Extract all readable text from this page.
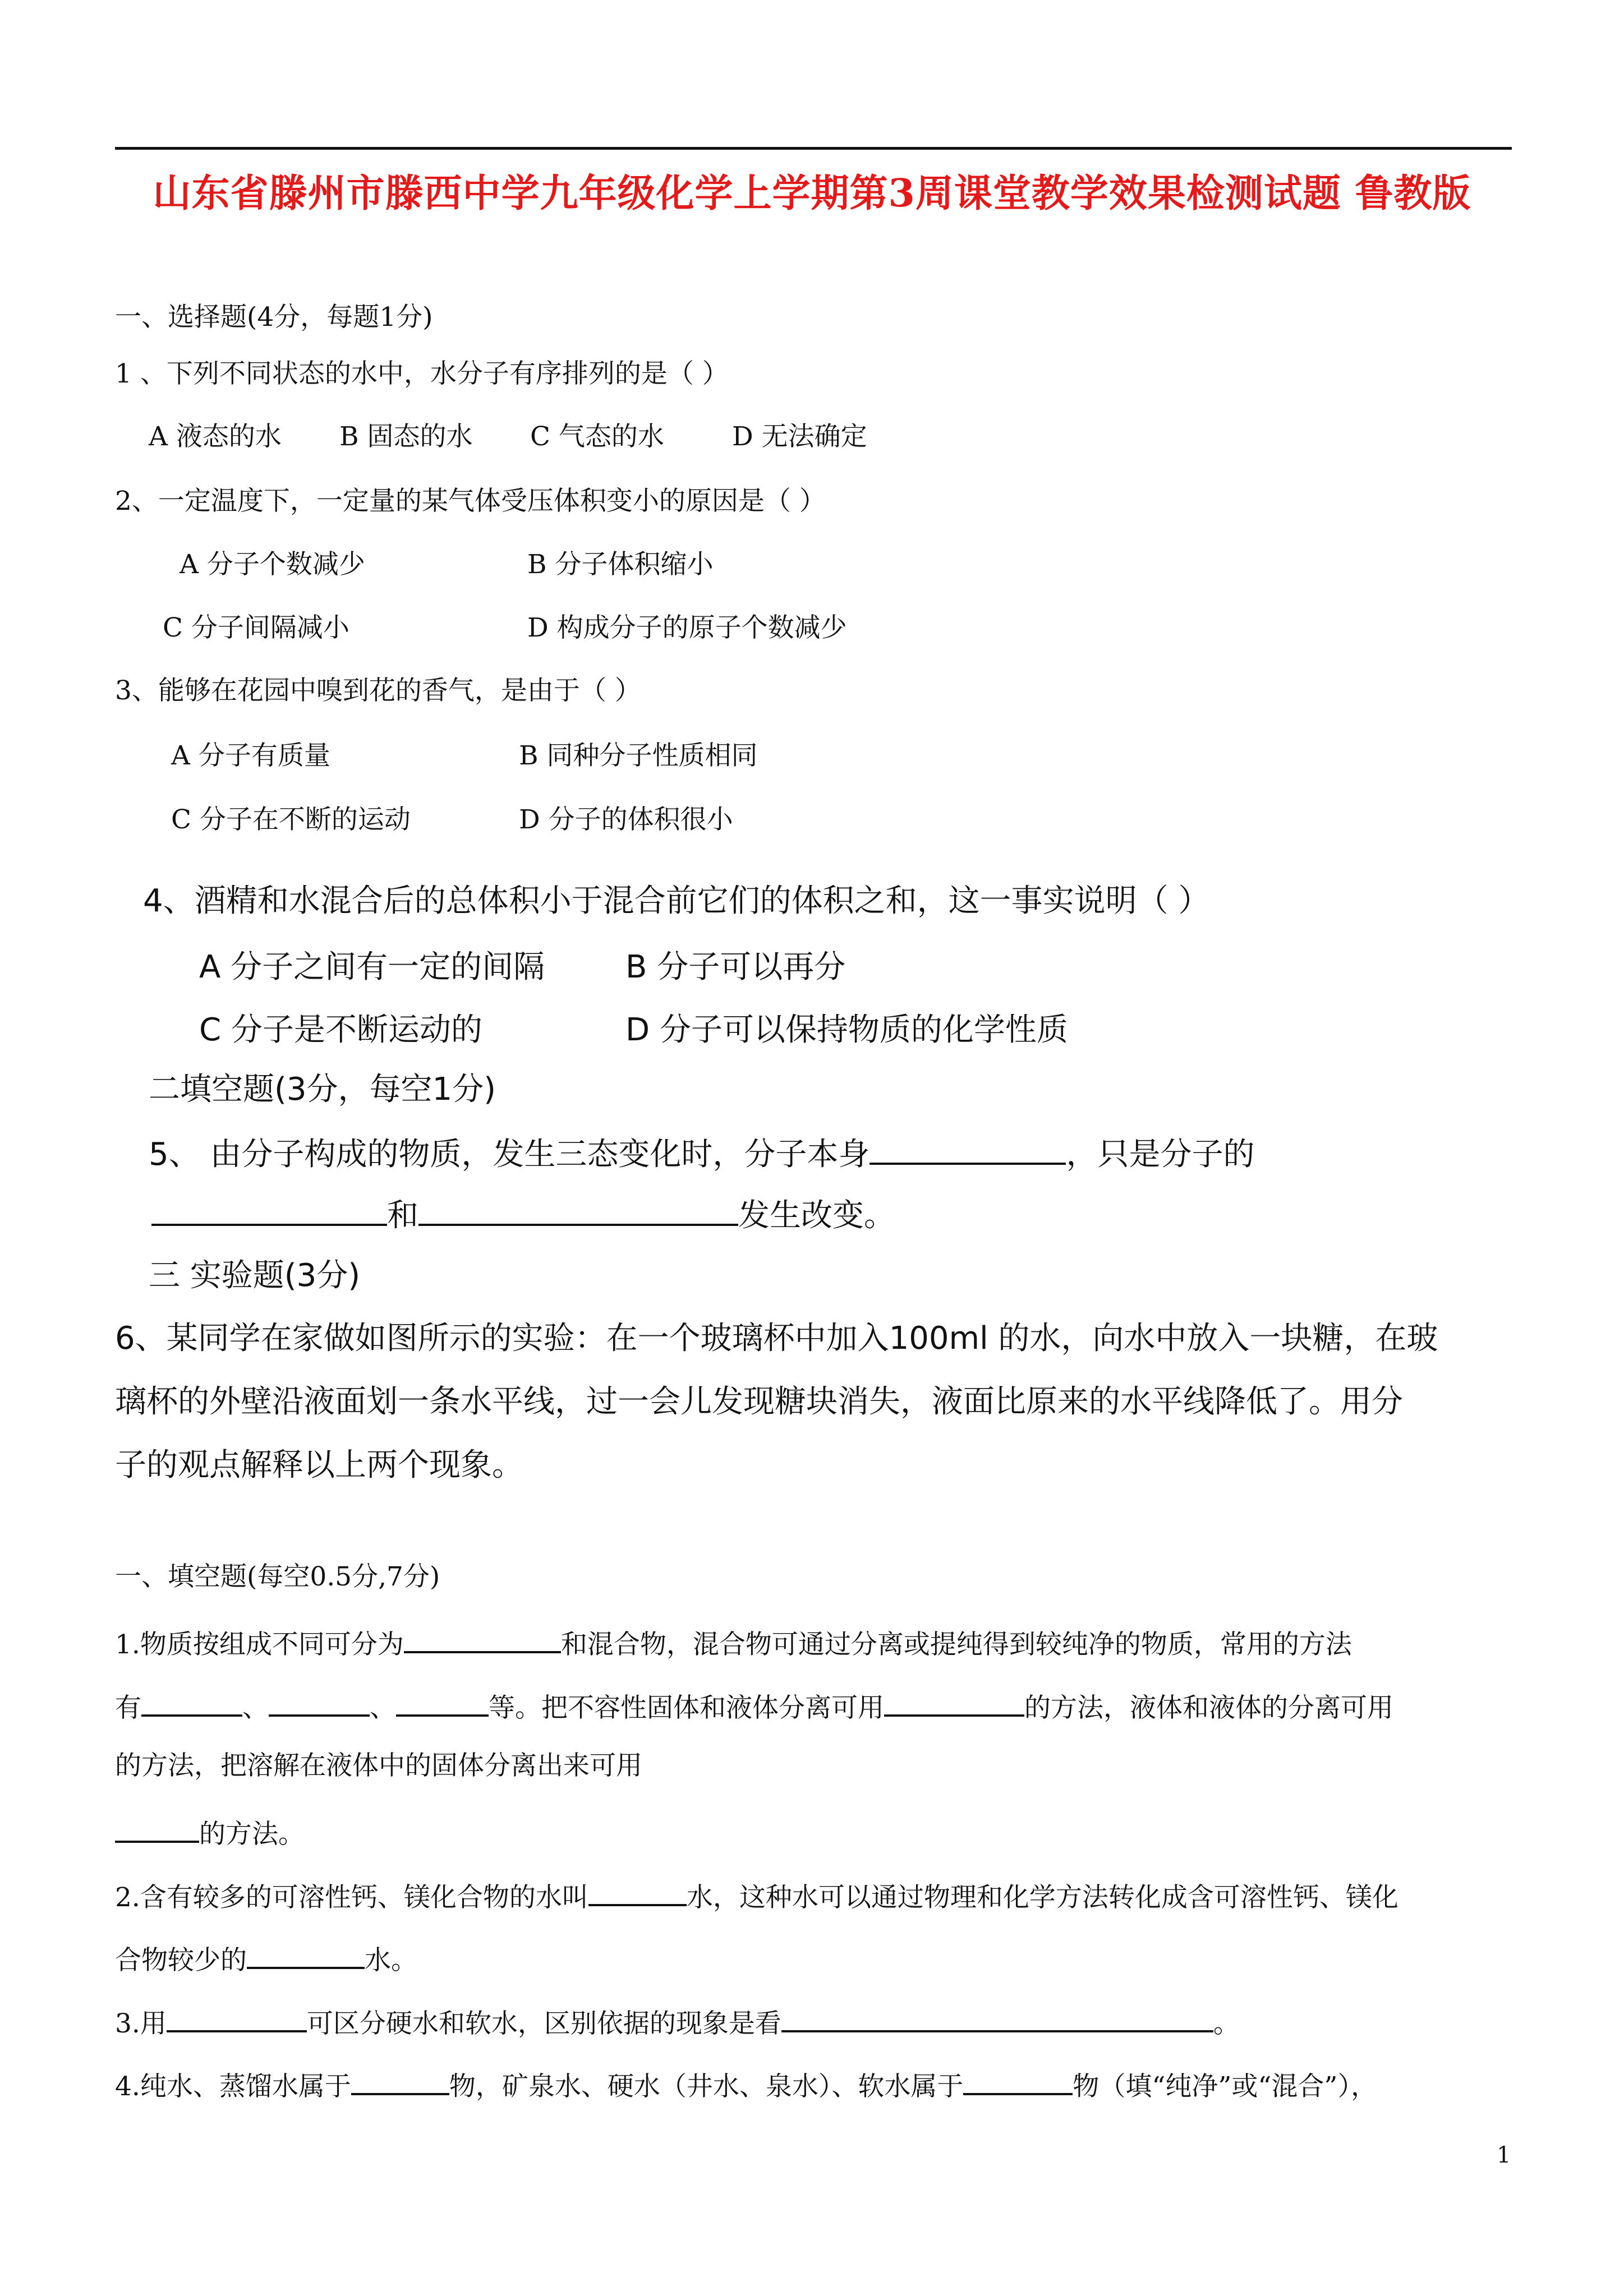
山东省滕州市滕西中学九年级化学上学期第3周课堂教学效果检测试题 鲁教版
一、选择题(4分，每题1分)
1 、下列不同状态的水中，水分子有序排列的是（ ）
A 液态的水 B 固态的水 C 气态的水	D 无法确定
2、一定温度下，一定量的某气体受压体积变小的原因是（ ）
A 分子个数减少	B 分子体积缩小
C 分子间隔减小	D 构成分子的原子个数减少
3、能够在花园中嗅到花的香气，是由于（ ）
A 分子有质量	B 同种分子性质相同
C 分子在不断的运动	D 分子的体积很小
4、酒精和水混合后的总体积小于混合前它们的体积之和，这一事实说明（ ）
A 分子之间有一定的间隔	B 分子可以再分
C 分子是不断运动的	D 分子可以保持物质的化学性质
二填空题(3分，每空1分)
5、 由分子构成的物质，发生三态变化时，分子本身	，只是分子的
和	发生改变。
三 实验题(3分)
6、某同学在家做如图所示的实验：在一个玻璃杯中加入100ml 的水，向水中放入一块糖，在玻
璃杯的外壁沿液面划一条水平线，过一会儿发现糖块消失，液面比原来的水平线降低了。用分
子的观点解释以上两个现象。
一、填空题(每空0.5分,7分)
1.物质按组成不同可分为	和混合物，混合物可通过分离或提纯得到较纯净的物质，常用的方法
有	、	、	等。把不容性固体和液体分离可用	的方法，液体和液体的分离可用
的方法，把溶解在液体中的固体分离出来可用
的方法。
2.含有较多的可溶性钙、镁化合物的水叫	水，这种水可以通过物理和化学方法转化成含可溶性钙、镁化
合物较少的	水。
3.用	可区分硬水和软水，区别依据的现象是看	。
4.纯水、蒸馏水属于	物，矿泉水、硬水（井水、泉水）、软水属于	物（填“纯净”或“混合”），
1
